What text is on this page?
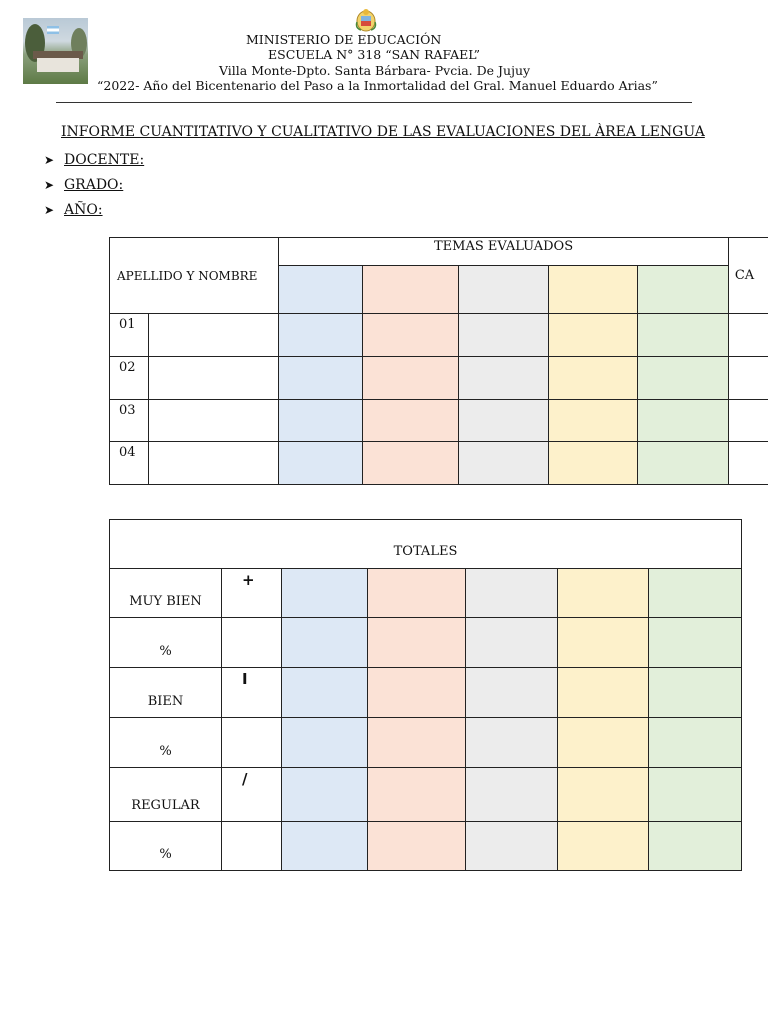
MINISTERIO DE EDUCACIÓN
ESCUELA N° 318 “SAN RAFAEL”
Villa Monte-Dpto. Santa Bárbara- Pvcia. De Jujuy
“2022- Año del Bicentenario del Paso a la Inmortalidad del Gral. Manuel Eduardo Arias”
INFORME CUANTITATIVO Y CUALITATIVO DE LAS EVALUACIONES DEL ÀREA LENGUA
➤ DOCENTE:
➤ GRADO:
➤ AÑO:
APELLIDO Y NOMBRE		TEMAS EVALUADOS					CA

01							
02							
03							
04							
TOTALES						
MUY BIEN	+					
%						
BIEN	I					
%						
REGULAR	/					
%						
